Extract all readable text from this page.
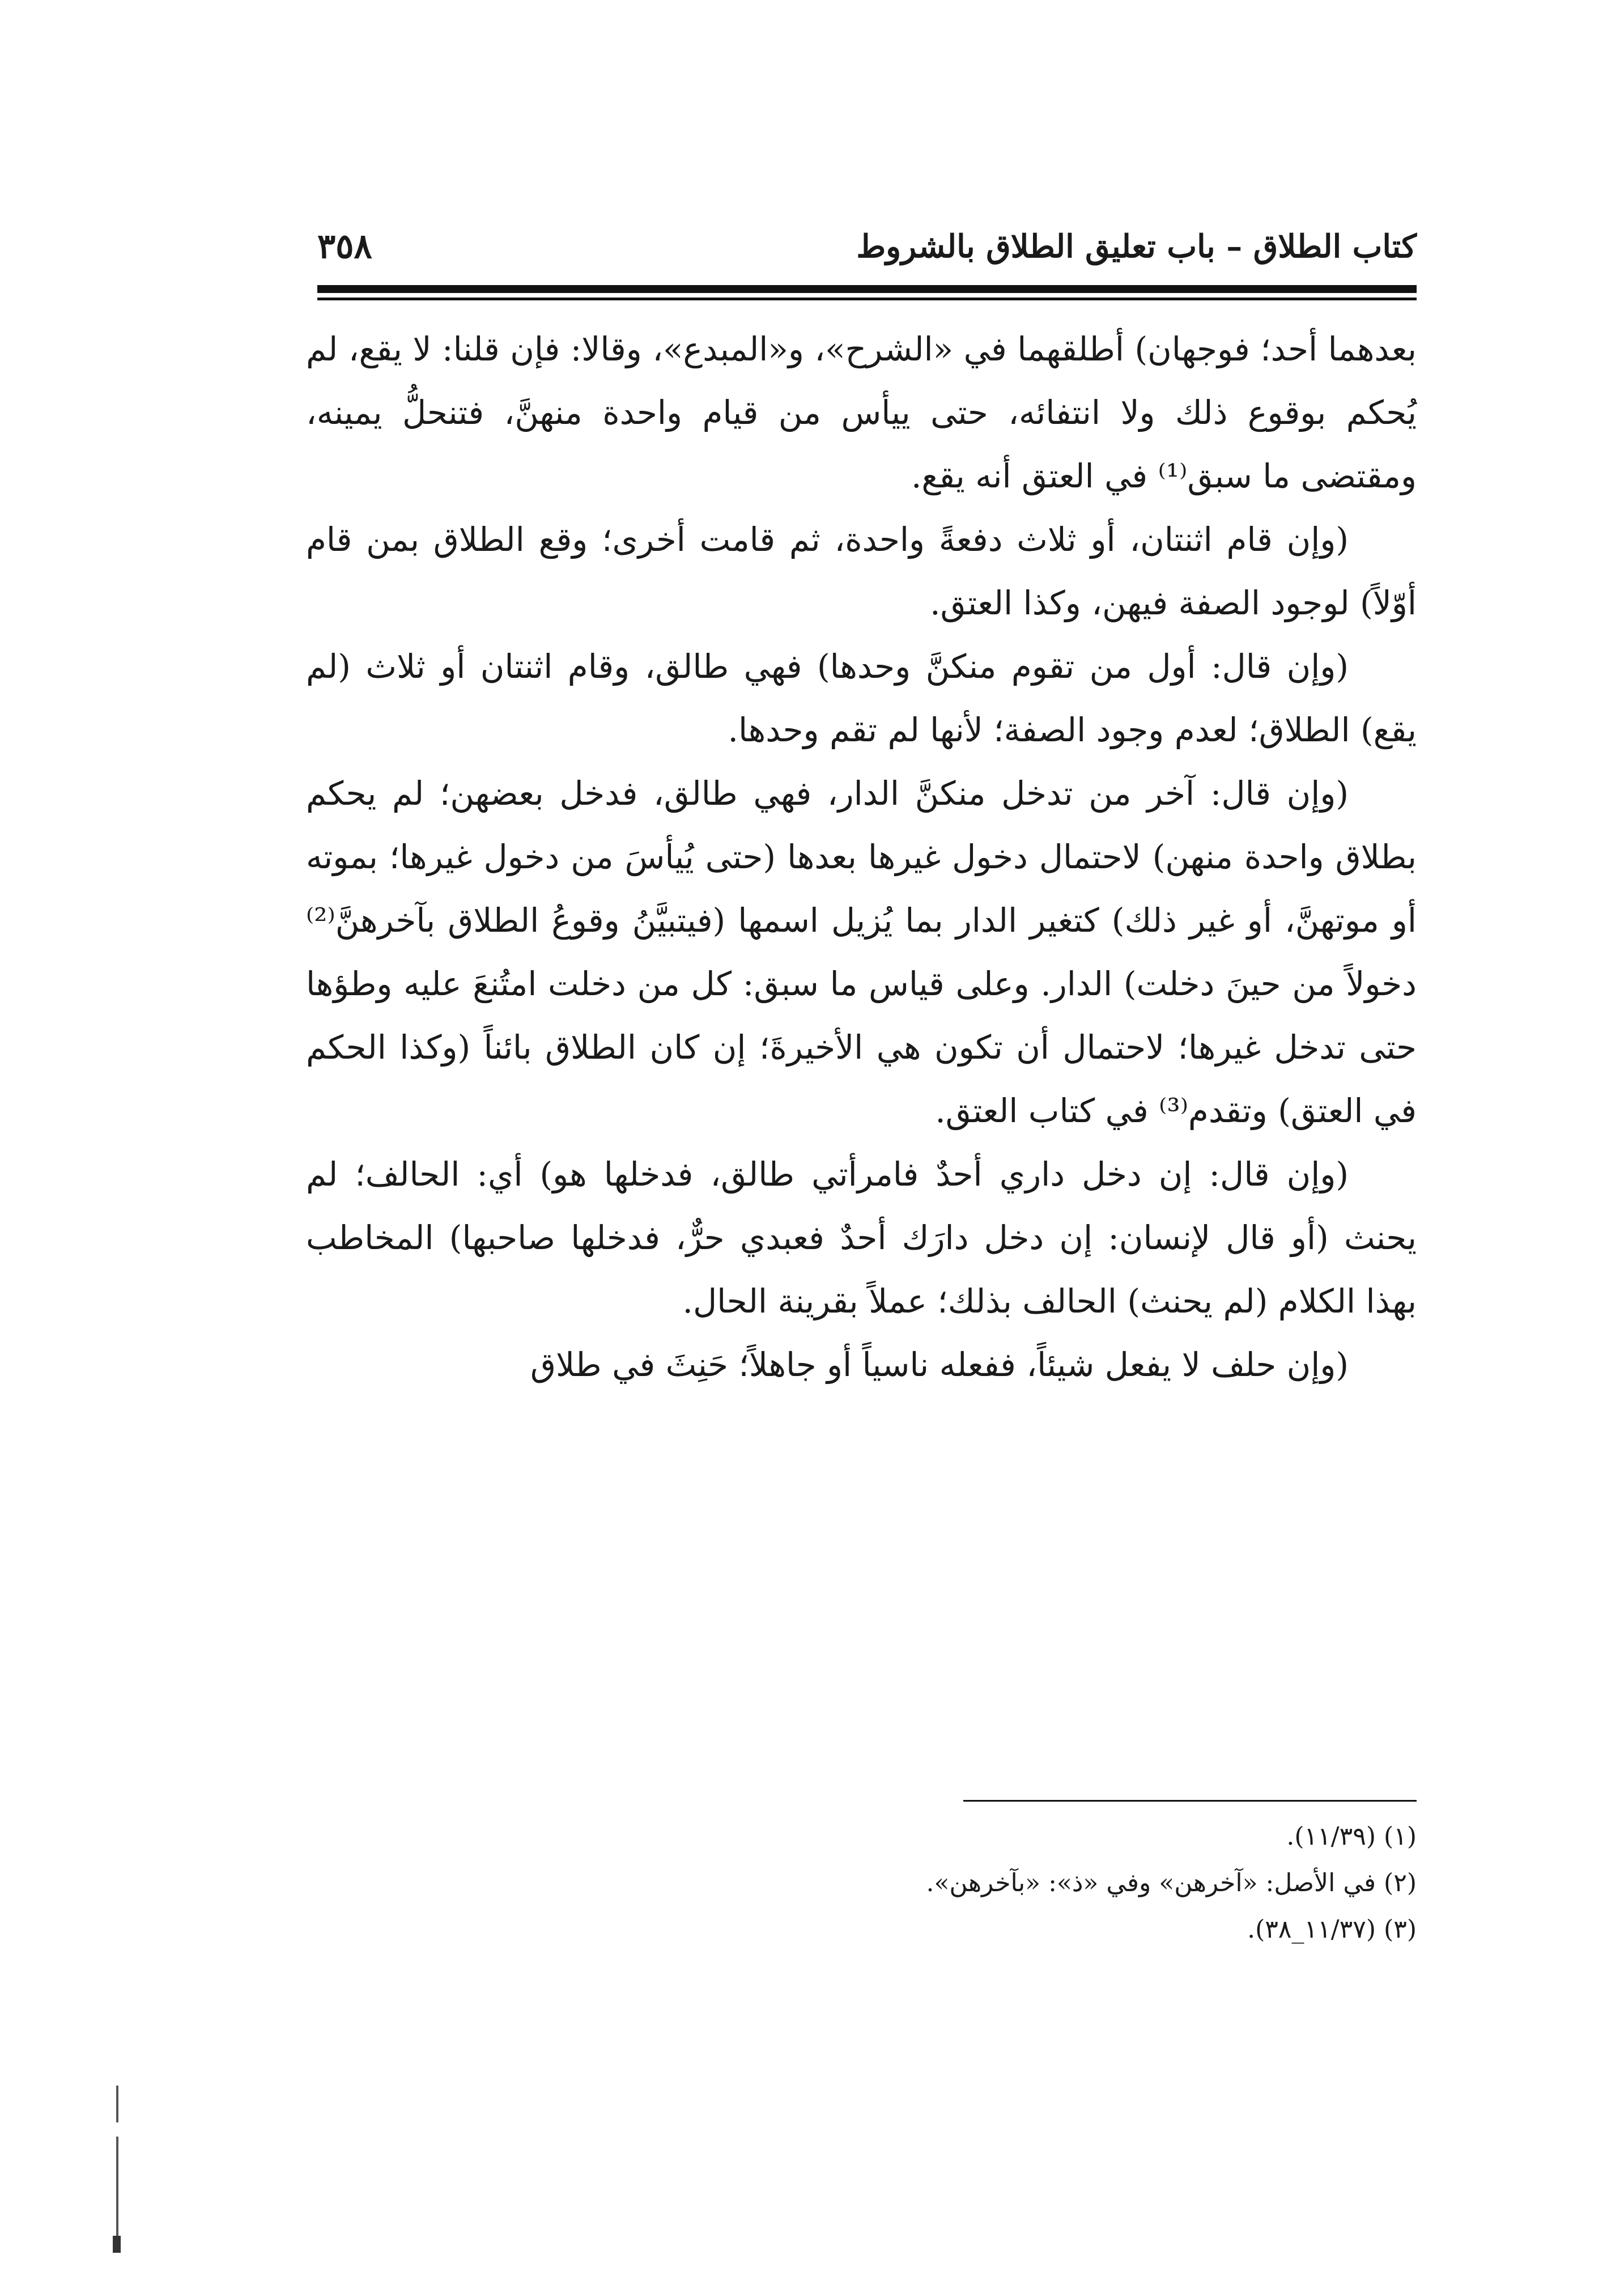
كتاب الطلاق – باب تعليق الطلاق بالشروط
٣٥٨

بعدهما أحد؛ فوجهان) أطلقهما في «الشرح»، و«المبدع»، وقالا: فإن قلنا: لا يقع، لم يُحكم بوقوع ذلك ولا انتفائه، حتى ييأس من قيام واحدة منهنَّ، فتنحلُّ يمينه، ومقتضى ما سبق⁽¹⁾ في العتق أنه يقع.

(وإن قام اثنتان، أو ثلاث دفعةً واحدة، ثم قامت أخرى؛ وقع الطلاق بمن قام أوّلاً) لوجود الصفة فيهن، وكذا العتق.

(وإن قال: أول من تقوم منكنَّ وحدها) فهي طالق، وقام اثنتان أو ثلاث (لم يقع) الطلاق؛ لعدم وجود الصفة؛ لأنها لم تقم وحدها.

(وإن قال: آخر من تدخل منكنَّ الدار، فهي طالق، فدخل بعضهن؛ لم يحكم بطلاق واحدة منهن) لاحتمال دخول غيرها بعدها (حتى يُيأسَ من دخول غيرها؛ بموته أو موتهنَّ، أو غير ذلك) كتغير الدار بما يُزيل اسمها (فيتبيَّنُ وقوعُ الطلاق بآخرهنَّ⁽²⁾ دخولاً من حينَ دخلت) الدار. وعلى قياس ما سبق: كل من دخلت امتُنعَ عليه وطؤها حتى تدخل غيرها؛ لاحتمال أن تكون هي الأخيرةَ؛ إن كان الطلاق بائناً (وكذا الحكم في العتق) وتقدم⁽³⁾ في كتاب العتق.

(وإن قال: إن دخل داري أحدٌ فامرأتي طالق، فدخلها هو) أي: الحالف؛ لم يحنث (أو قال لإنسان: إن دخل دارَك أحدٌ فعبدي حرٌّ، فدخلها صاحبها) المخاطب بهذا الكلام (لم يحنث) الحالف بذلك؛ عملاً بقرينة الحال.

(وإن حلف لا يفعل شيئاً، ففعله ناسياً أو جاهلاً؛ حَنِثَ في طلاق

(١) (١١/٣٩).
(٢) في الأصل: «آخرهن» وفي «ذ»: «بآخرهن».
(٣) (١١/٣٧_٣٨).
